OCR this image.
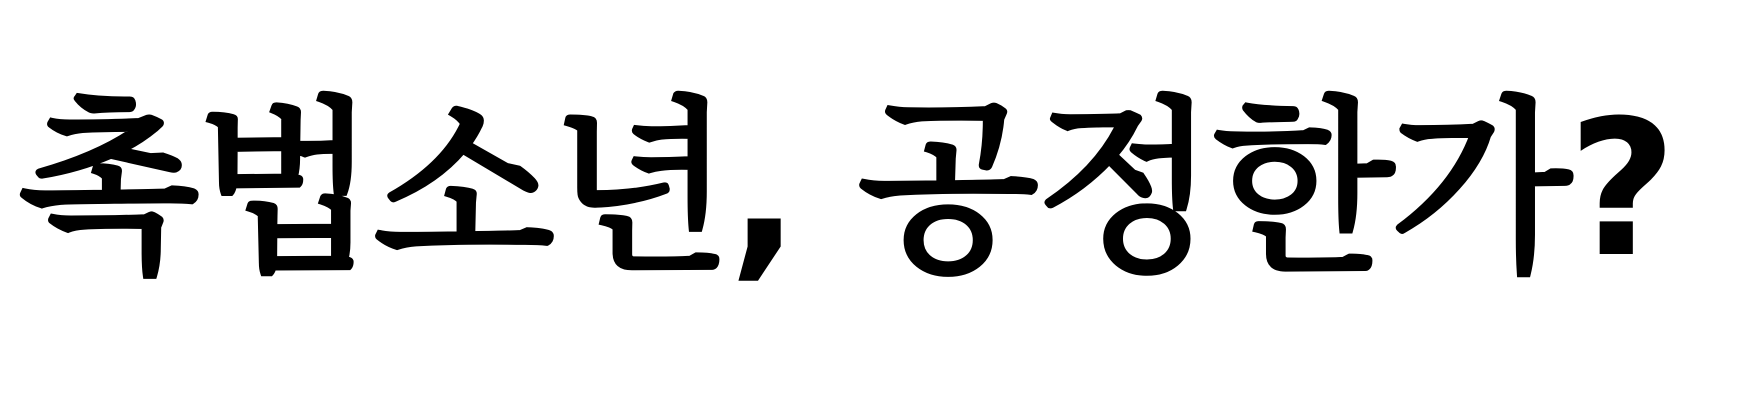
촉법소년, 공정한가?
